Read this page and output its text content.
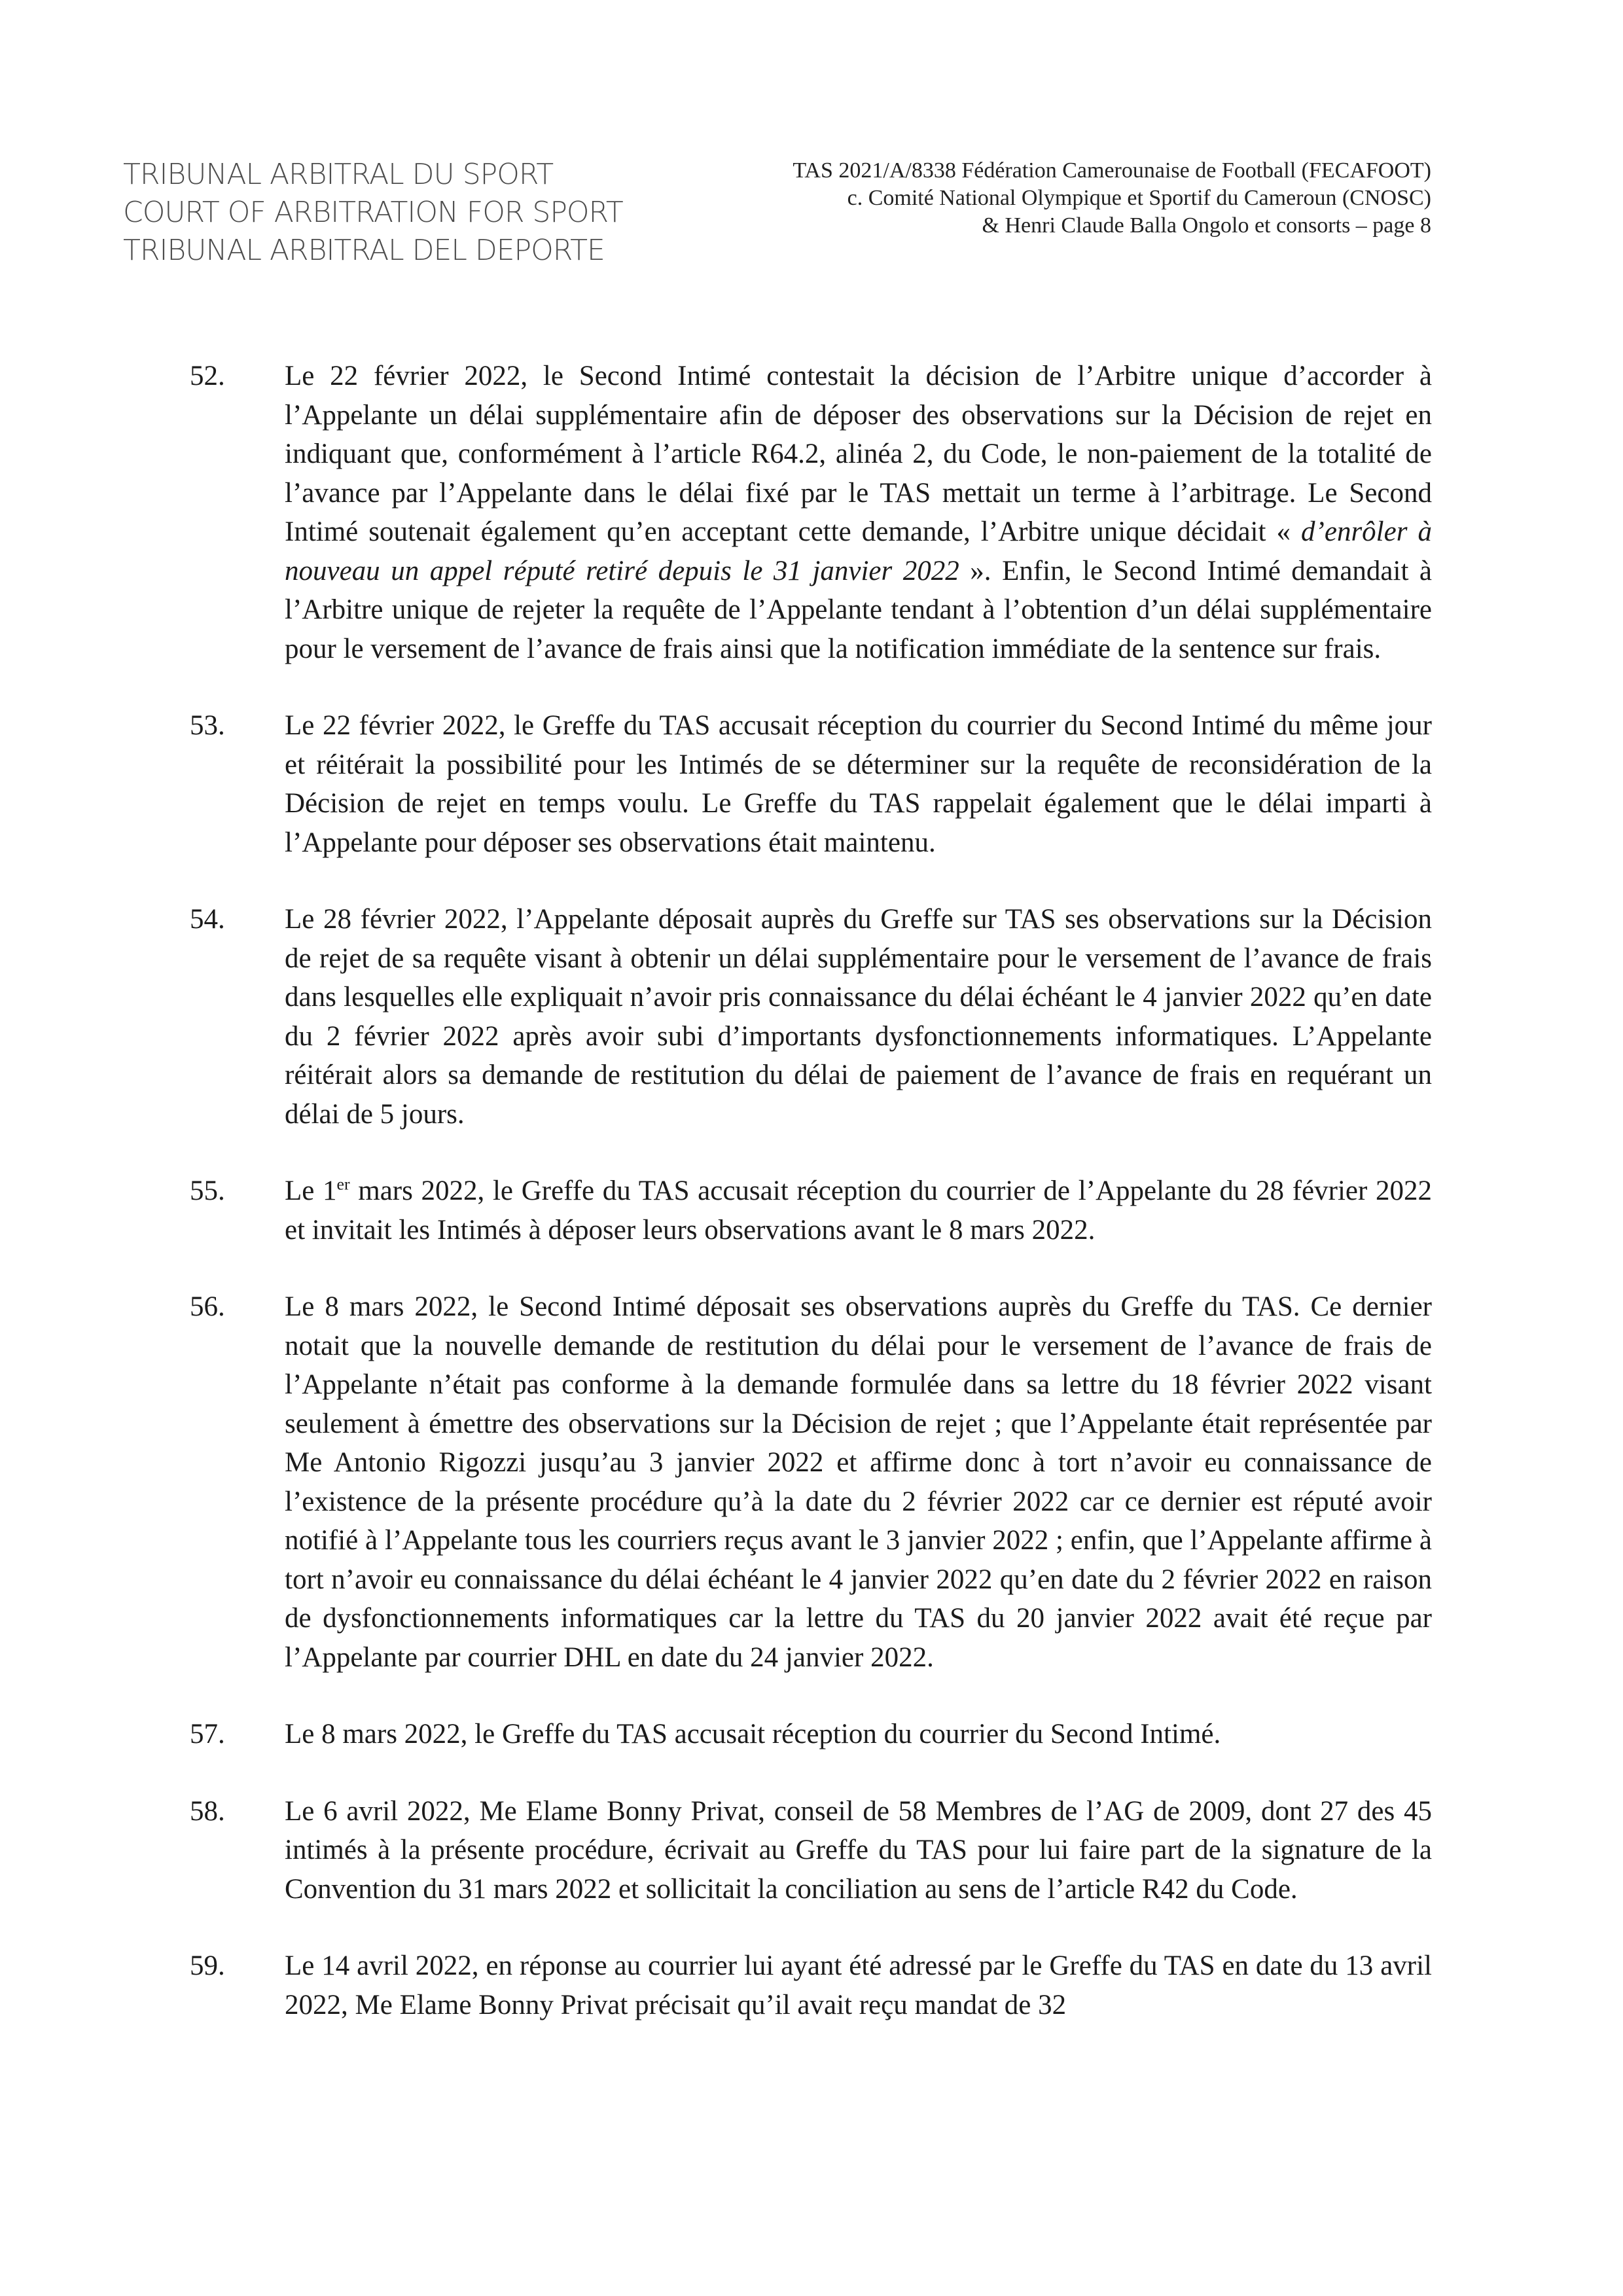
TRIBUNAL ARBITRAL DU SPORT
COURT OF ARBITRATION FOR SPORT
TRIBUNAL ARBITRAL DEL DEPORTE
TAS 2021/A/8338 Fédération Camerounaise de Football (FECAFOOT)
c. Comité National Olympique et Sportif du Cameroun (CNOSC)
& Henri Claude Balla Ongolo et consorts – page 8
52. Le 22 février 2022, le Second Intimé contestait la décision de l’Arbitre unique d’accorder à l’Appelante un délai supplémentaire afin de déposer des observations sur la Décision de rejet en indiquant que, conformément à l’article R64.2, alinéa 2, du Code, le non-paiement de la totalité de l’avance par l’Appelante dans le délai fixé par le TAS mettait un terme à l’arbitrage. Le Second Intimé soutenait également qu’en acceptant cette demande, l’Arbitre unique décidait « d’enrôler à nouveau un appel réputé retiré depuis le 31 janvier 2022 ». Enfin, le Second Intimé demandait à l’Arbitre unique de rejeter la requête de l’Appelante tendant à l’obtention d’un délai supplémentaire pour le versement de l’avance de frais ainsi que la notification immédiate de la sentence sur frais.
53. Le 22 février 2022, le Greffe du TAS accusait réception du courrier du Second Intimé du même jour et réitérait la possibilité pour les Intimés de se déterminer sur la requête de reconsidération de la Décision de rejet en temps voulu. Le Greffe du TAS rappelait également que le délai imparti à l’Appelante pour déposer ses observations était maintenu.
54. Le 28 février 2022, l’Appelante déposait auprès du Greffe sur TAS ses observations sur la Décision de rejet de sa requête visant à obtenir un délai supplémentaire pour le versement de l’avance de frais dans lesquelles elle expliquait n’avoir pris connaissance du délai échéant le 4 janvier 2022 qu’en date du 2 février 2022 après avoir subi d’importants dysfonctionnements informatiques. L’Appelante réitérait alors sa demande de restitution du délai de paiement de l’avance de frais en requérant un délai de 5 jours.
55. Le 1er mars 2022, le Greffe du TAS accusait réception du courrier de l’Appelante du 28 février 2022 et invitait les Intimés à déposer leurs observations avant le 8 mars 2022.
56. Le 8 mars 2022, le Second Intimé déposait ses observations auprès du Greffe du TAS. Ce dernier notait que la nouvelle demande de restitution du délai pour le versement de l’avance de frais de l’Appelante n’était pas conforme à la demande formulée dans sa lettre du 18 février 2022 visant seulement à émettre des observations sur la Décision de rejet ; que l’Appelante était représentée par Me Antonio Rigozzi jusqu’au 3 janvier 2022 et affirme donc à tort n’avoir eu connaissance de l’existence de la présente procédure qu’à la date du 2 février 2022 car ce dernier est réputé avoir notifié à l’Appelante tous les courriers reçus avant le 3 janvier 2022 ; enfin, que l’Appelante affirme à tort n’avoir eu connaissance du délai échéant le 4 janvier 2022 qu’en date du 2 février 2022 en raison de dysfonctionnements informatiques car la lettre du TAS du 20 janvier 2022 avait été reçue par l’Appelante par courrier DHL en date du 24 janvier 2022.
57. Le 8 mars 2022, le Greffe du TAS accusait réception du courrier du Second Intimé.
58. Le 6 avril 2022, Me Elame Bonny Privat, conseil de 58 Membres de l’AG de 2009, dont 27 des 45 intimés à la présente procédure, écrivait au Greffe du TAS pour lui faire part de la signature de la Convention du 31 mars 2022 et sollicitait la conciliation au sens de l’article R42 du Code.
59. Le 14 avril 2022, en réponse au courrier lui ayant été adressé par le Greffe du TAS en date du 13 avril 2022, Me Elame Bonny Privat précisait qu’il avait reçu mandat de 32
